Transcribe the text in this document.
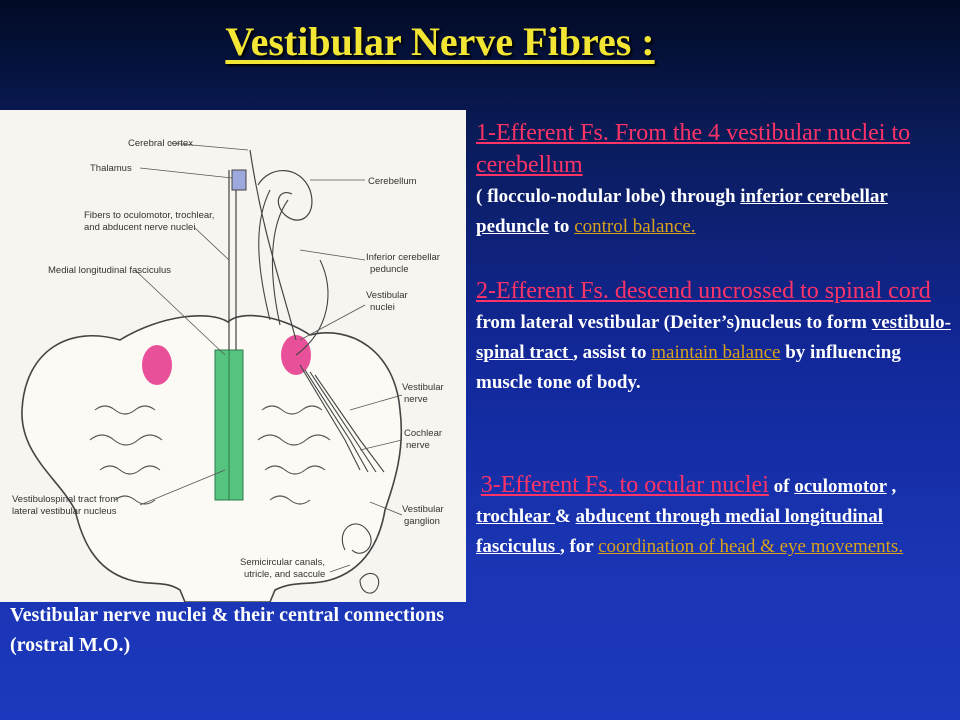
Vestibular Nerve Fibres :
Cerebral cortex
Thalamus
Cerebellum
Fibers to oculomotor, trochlear,
and abducent nerve nuclei
Medial longitudinal fasciculus
Inferior cerebellar
peduncle
Vestibular
nuclei
Vestibular
nerve
Cochlear
nerve
Vestibulospinal tract from
lateral vestibular nucleus	Vestibular
ganglion
Semicircular canals,
utricle, and saccule
Vestibular nerve nuclei & their central connections (rostral M.O.)
1-Efferent Fs. From the 4 vestibular nuclei to cerebellum
( flocculo-nodular lobe) through inferior cerebellar peduncle to control balance.
2-Efferent Fs. descend uncrossed to spinal cord from lateral vestibular (Deiter’s)nucleus to form vestibulo-spinal tract , assist to maintain balance by influencing muscle tone of body.
3-Efferent Fs. to ocular nuclei of oculomotor , trochlear & abducent through medial longitudinal fasciculus , for coordination of head & eye movements.
